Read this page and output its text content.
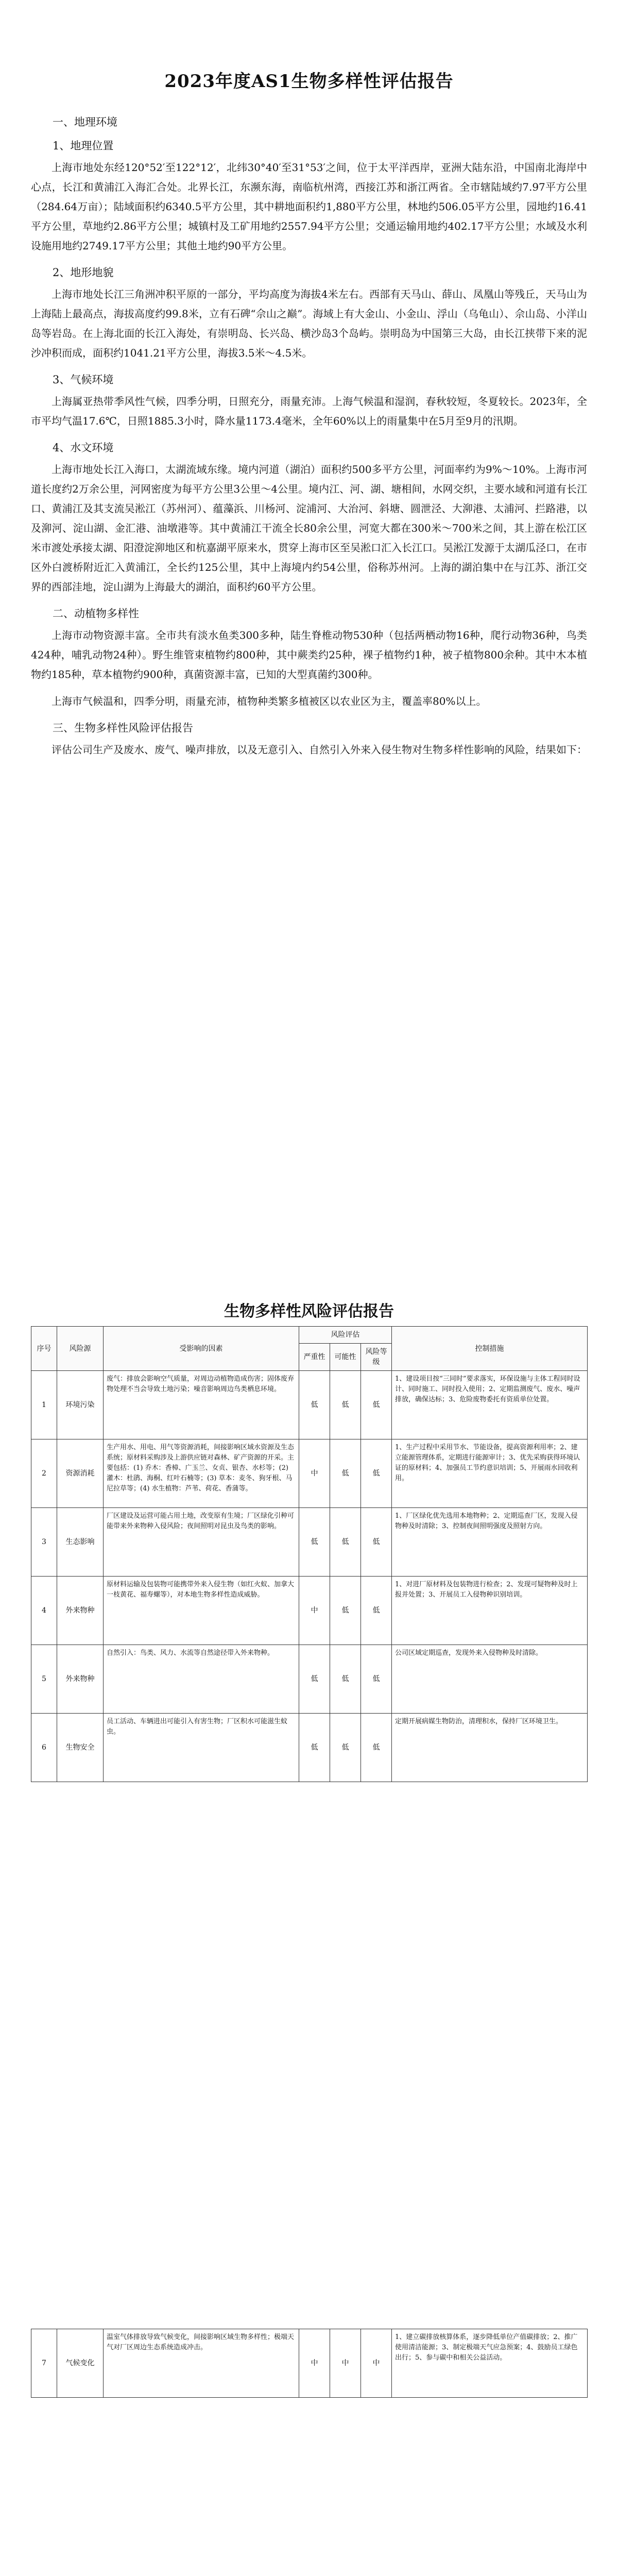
2023年度AS1生物多样性评估报告

一、地理环境

1、地理位置

上海市地处东经120°52′至122°12′，北纬30°40′至31°53′之间，位于太平洋西岸，亚洲大陆东沿，中国南北海岸中心点，长江和黄浦江入海汇合处。北界长江，东濒东海，南临杭州湾，西接江苏和浙江两省。全市辖陆域约7.97平方公里（284.64万亩）；陆域面积约6340.5平方公里，其中耕地面积约1,880平方公里，林地约506.05平方公里，园地约16.41平方公里，草地约2.86平方公里；城镇村及工矿用地约2557.94平方公里；交通运输用地约402.17平方公里；水域及水利设施用地约2749.17平方公里；其他土地约90平方公里。

2、地形地貌

上海市地处长江三角洲冲积平原的一部分，平均高度为海拔4米左右。西部有天马山、薛山、凤凰山等残丘，天马山为上海陆上最高点，海拔高度约99.8米，立有石碑“佘山之巅”。海域上有大金山、小金山、浮山（乌龟山）、佘山岛、小洋山岛等岩岛。在上海北面的长江入海处，有崇明岛、长兴岛、横沙岛3个岛屿。崇明岛为中国第三大岛，由长江挟带下来的泥沙冲积而成，面积约1041.21平方公里，海拔3.5米～4.5米。

3、气候环境

上海属亚热带季风性气候，四季分明，日照充分，雨量充沛。上海气候温和湿润，春秋较短，冬夏较长。2023年，全市平均气温17.6℃，日照1885.3小时，降水量1173.4毫米，全年60%以上的雨量集中在5月至9月的汛期。

4、水文环境

上海市地处长江入海口，太湖流域东缘。境内河道（湖泊）面积约500多平方公里，河面率约为9%～10%。上海市河道长度约2万余公里，河网密度为每平方公里3公里～4公里。境内江、河、湖、塘相间，水网交织，主要水域和河道有长江口、黄浦江及其支流吴淞江（苏州河）、蕴藻浜、川杨河、淀浦河、大治河、斜塘、圆泄泾、大泖港、太浦河、拦路港，以及泖河、淀山湖、金汇港、油墩港等。其中黄浦江干流全长80余公里，河宽大都在300米～700米之间，其上游在松江区米市渡处承接太湖、阳澄淀泖地区和杭嘉湖平原来水，贯穿上海市区至吴淞口汇入长江口。吴淞江发源于太湖瓜泾口，在市区外白渡桥附近汇入黄浦江，全长约125公里，其中上海境内约54公里，俗称苏州河。上海的湖泊集中在与江苏、浙江交界的西部洼地，淀山湖为上海最大的湖泊，面积约60平方公里。

二、动植物多样性

上海市动物资源丰富。全市共有淡水鱼类300多种，陆生脊椎动物530种（包括两栖动物16种，爬行动物36种，鸟类424种，哺乳动物24种）。野生维管束植物约800种，其中蕨类约25种，裸子植物约1种，被子植物800余种。其中木本植物约185种，草本植物约900种，真菌资源丰富，已知的大型真菌约300种。

上海市气候温和，四季分明，雨量充沛，植物种类繁多植被区以农业区为主，覆盖率80%以上。

三、生物多样性风险评估报告

评估公司生产及废水、废气、噪声排放，以及无意引入、自然引入外来入侵生物对生物多样性影响的风险，结果如下：

生物多样性风险评估报告
序号	风险源	受影响的因素	风险评估			控制措施
			严重性	可能性	风险等级	
1	环境污染	废气：排放会影响空气质量，对周边动植物造成伤害；固体废弃物处理不当会导致土地污染；噪音影响周边鸟类栖息环境。	低	低	低	1、建设项目按“三同时”要求落实，环保设施与主体工程同时设计、同时施工、同时投入使用；2、定期监测废气、废水、噪声排放，确保达标；3、危险废物委托有资质单位处置。
2	资源消耗	生产用水、用电、用气等资源消耗，间接影响区域水资源及生态系统；原材料采购涉及上游供应链对森林、矿产资源的开采。主要包括：(1) 乔木：香樟、广玉兰、女贞、银杏、水杉等；(2) 灌木：杜鹃、海桐、红叶石楠等；(3) 草本：麦冬、狗牙根、马尼拉草等；(4) 水生植物：芦苇、荷花、香蒲等。	中	低	低	1、生产过程中采用节水、节能设备，提高资源利用率；2、建立能源管理体系，定期进行能源审计；3、优先采购获得环境认证的原材料；4、加强员工节约意识培训；5、开展雨水回收利用。
3	生态影响	厂区建设及运营可能占用土地，改变原有生境；厂区绿化引种可能带来外来物种入侵风险；夜间照明对昆虫及鸟类的影响。	低	低	低	1、厂区绿化优先选用本地物种；2、定期巡查厂区，发现入侵物种及时清除；3、控制夜间照明强度及照射方向。
4	外来物种	原材料运输及包装物可能携带外来入侵生物（如红火蚁、加拿大一枝黄花、福寿螺等），对本地生物多样性造成威胁。	中	低	低	1、对进厂原材料及包装物进行检查；2、发现可疑物种及时上报并处置；3、开展员工入侵物种识别培训。
5	外来物种	自然引入：鸟类、风力、水流等自然途径带入外来物种。	低	低	低	公司区域定期巡查，发现外来入侵物种及时清除。
6	生物安全	员工活动、车辆进出可能引入有害生物；厂区积水可能滋生蚊虫。	低	低	低	定期开展病媒生物防治，清理积水，保持厂区环境卫生。
7	气候变化	温室气体排放导致气候变化，间接影响区域生物多样性；极端天气对厂区周边生态系统造成冲击。	中	中	中	1、建立碳排放核算体系，逐步降低单位产值碳排放；2、推广使用清洁能源；3、制定极端天气应急预案；4、鼓励员工绿色出行；5、参与碳中和相关公益活动。
